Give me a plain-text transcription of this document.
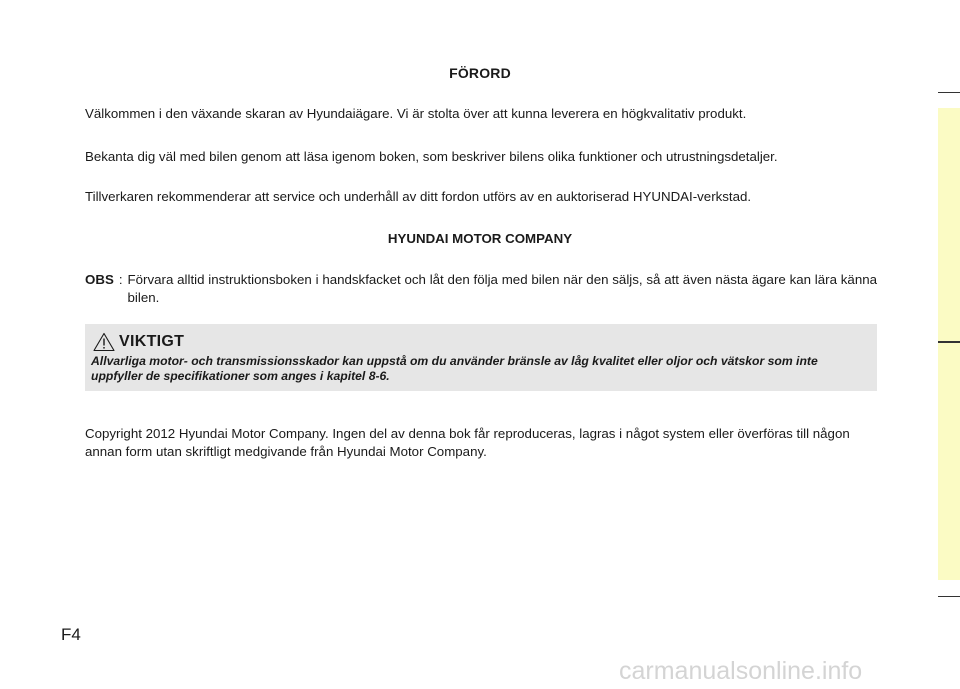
FÖRORD
Välkommen i den växande skaran av Hyundaiägare. Vi är stolta över att kunna leverera en högkvalitativ produkt.
Bekanta dig väl med bilen genom att läsa igenom boken, som beskriver bilens olika funktioner och utrustningsdetaljer.
Tillverkaren rekommenderar att service och underhåll av ditt fordon utförs av en auktoriserad HYUNDAI-verkstad.
HYUNDAI MOTOR COMPANY
OBS : Förvara alltid instruktionsboken i handskfacket och låt den följa med bilen när den säljs, så att även nästa ägare kan lära känna bilen.
VIKTIGT
Allvarliga motor- och transmissionsskador kan uppstå om du använder bränsle av låg kvalitet eller oljor och vätskor som inte uppfyller de specifikationer som anges i kapitel 8-6.
Copyright 2012 Hyundai Motor Company. Ingen del av denna bok får reproduceras, lagras i något system eller överföras till någon annan form utan skriftligt medgivande från Hyundai Motor Company.
F4
carmanualsonline.info
